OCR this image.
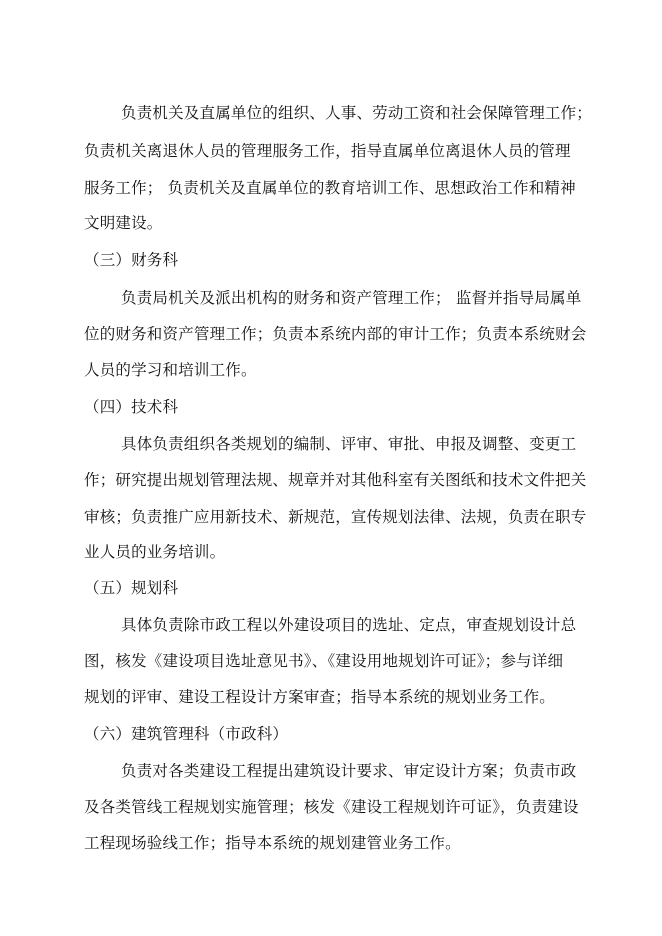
负责机关及直属单位的组织、人事、劳动工资和社会保障管理工作；
负责机关离退休人员的管理服务工作，指导直属单位离退休人员的管理
服务工作； 负责机关及直属单位的教育培训工作、思想政治工作和精神
文明建设。
（三）财务科
负责局机关及派出机构的财务和资产管理工作； 监督并指导局属单
位的财务和资产管理工作；负责本系统内部的审计工作；负责本系统财会
人员的学习和培训工作。
（四）技术科
具体负责组织各类规划的编制、评审、审批、申报及调整、变更工
作；研究提出规划管理法规、规章并对其他科室有关图纸和技术文件把关
审核；负责推广应用新技术、新规范，宣传规划法律、法规，负责在职专
业人员的业务培训。
（五）规划科
具体负责除市政工程以外建设项目的选址、定点，审查规划设计总
图，核发《建设项目选址意见书》、《建设用地规划许可证》；参与详细
规划的评审、建设工程设计方案审查；指导本系统的规划业务工作。
（六）建筑管理科（市政科）
负责对各类建设工程提出建筑设计要求、审定设计方案；负责市政
及各类管线工程规划实施管理；核发《建设工程规划许可证》，负责建设
工程现场验线工作；指导本系统的规划建管业务工作。
